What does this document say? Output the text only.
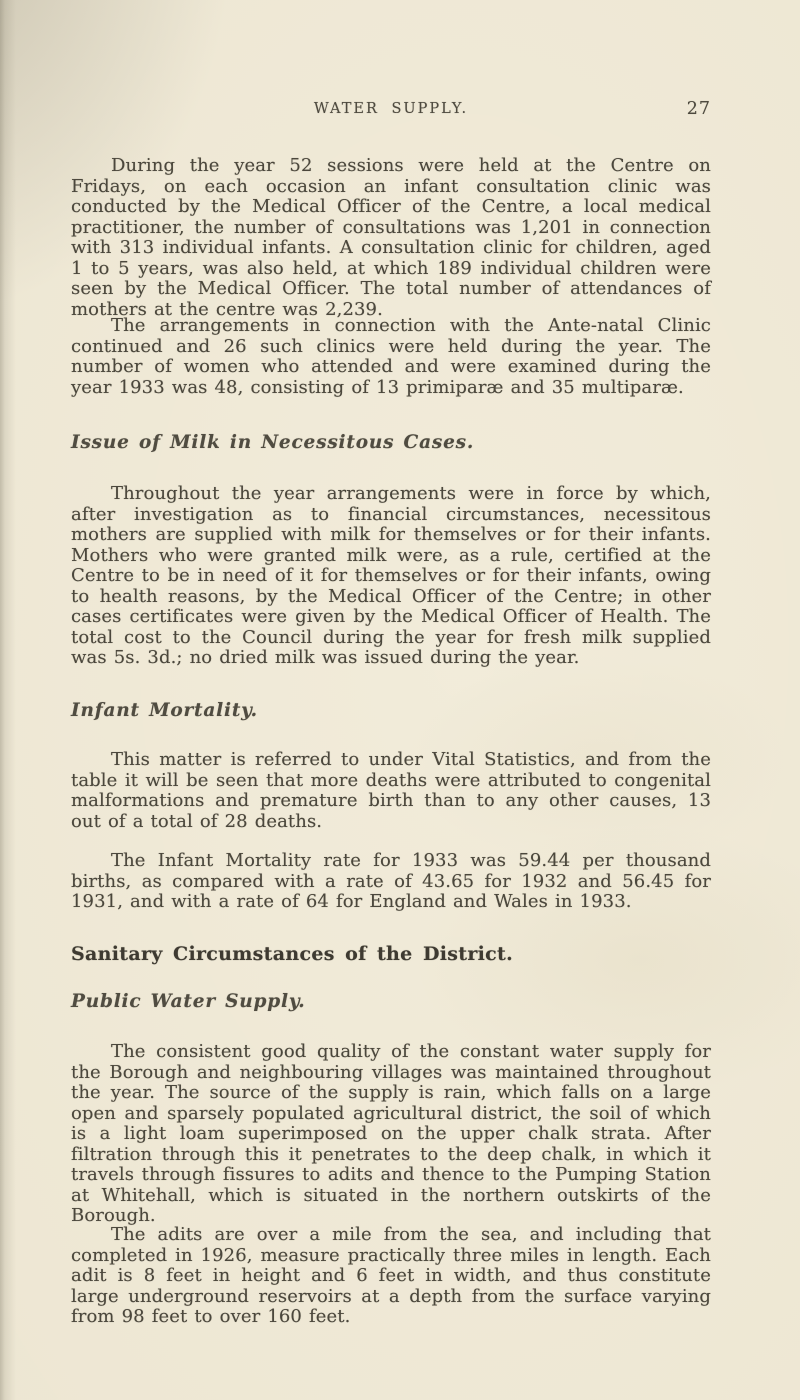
WATER SUPPLY.	27

During the year 52 sessions were held at the Centre on Fridays, on each occasion an infant consultation clinic was conducted by the Medical Officer of the Centre, a local medical practitioner, the number of consultations was 1,201 in connection with 313 individual infants. A consultation clinic for children, aged 1 to 5 years, was also held, at which 189 individual children were seen by the Medical Officer. The total number of attendances of mothers at the centre was 2,239.

The arrangements in connection with the Ante-natal Clinic continued and 26 such clinics were held during the year. The number of women who attended and were examined during the year 1933 was 48, consisting of 13 primiparæ and 35 multiparæ.

Issue of Milk in Necessitous Cases.

Throughout the year arrangements were in force by which, after investigation as to financial circumstances, necessitous mothers are supplied with milk for themselves or for their infants. Mothers who were granted milk were, as a rule, certified at the Centre to be in need of it for themselves or for their infants, owing to health reasons, by the Medical Officer of the Centre; in other cases certificates were given by the Medical Officer of Health. The total cost to the Council during the year for fresh milk supplied was 5s. 3d.; no dried milk was issued during the year.

Infant Mortality.

This matter is referred to under Vital Statistics, and from the table it will be seen that more deaths were attributed to congenital malformations and premature birth than to any other causes, 13 out of a total of 28 deaths.

The Infant Mortality rate for 1933 was 59.44 per thousand births, as compared with a rate of 43.65 for 1932 and 56.45 for 1931, and with a rate of 64 for England and Wales in 1933.

Sanitary Circumstances of the District.
Public Water Supply.

The consistent good quality of the constant water supply for the Borough and neighbouring villages was maintained throughout the year. The source of the supply is rain, which falls on a large open and sparsely populated agricultural district, the soil of which is a light loam superimposed on the upper chalk strata. After filtration through this it penetrates to the deep chalk, in which it travels through fissures to adits and thence to the Pumping Station at Whitehall, which is situated in the northern outskirts of the Borough.

The adits are over a mile from the sea, and including that completed in 1926, measure practically three miles in length. Each adit is 8 feet in height and 6 feet in width, and thus constitute large underground reservoirs at a depth from the surface varying from 98 feet to over 160 feet.
